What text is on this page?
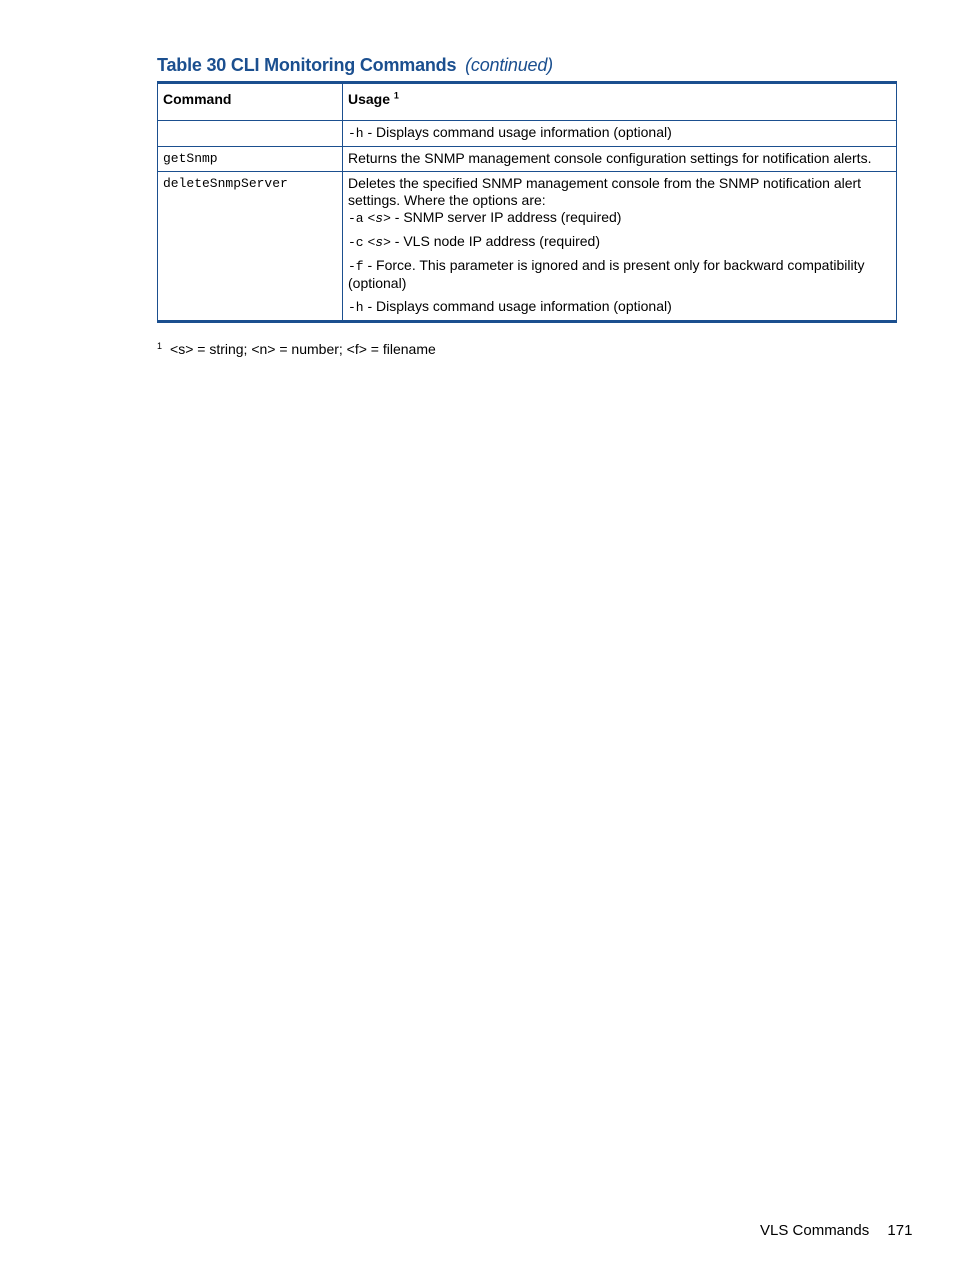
Table 30 CLI Monitoring Commands (continued)
Command	Usage $^1$

	-h - Displays command usage information (optional)

getSnmp	Returns the SNMP management console configuration settings for notification alerts.
deleteSnmpServer	Deletes the specified SNMP management console from the SNMP notification alert settings. Where the options are:
-a <s> - SNMP server IP address (required)
-c <s> - VLS node IP address (required)
-f - Force. This parameter is ignored and is present only for backward compatibility (optional)
-h - Displays command usage information (optional)
$^1$ <s> = string; <n> = number; <f> = filename
VLS Commands 171
